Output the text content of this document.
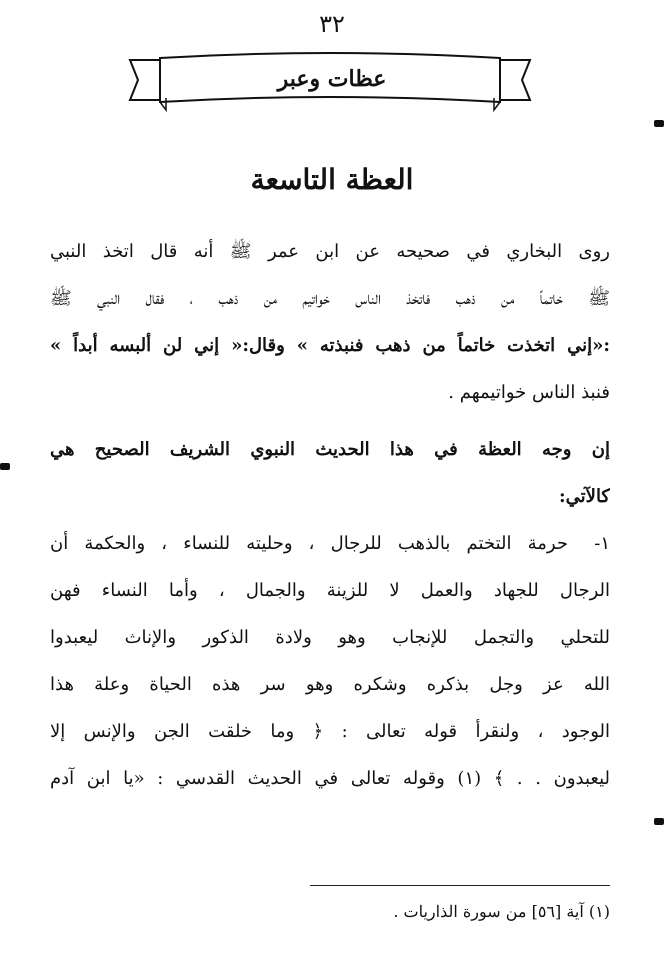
٣٢
عظات وعبر
العظة التاسعة
روى البخاري في صحيحه عن ابن عمر ﷺ أنه قال اتخذ النبي
ﷺ خاتماً من ذهب فاتخذ الناس خواتيم من ذهب ، فقال النبي ﷺ
:«إني اتخذت خاتماً من ذهب فنبذته » وقال:« إني لن ألبسه أبداً »
فنبذ الناس خواتيمهم .
إن وجه العظة في هذا الحديث النبوي الشريف الصحيح هي
كالآتي:
١-
حرمة التختم بالذهب للرجال ، وحليته للنساء ، والحكمة أن
الرجال للجهاد والعمل لا للزينة والجمال ، وأما النساء فهن
للتحلي والتجمل للإنجاب وهو ولادة الذكور والإناث ليعبدوا
الله عز وجل بذكره وشكره وهو سر هذه الحياة وعلة هذا
الوجود ، ولنقرأ قوله تعالى : ﴿ وما خلقت الجن والإنس إلا
ليعبدون . . ﴾ (١) وقوله تعالى في الحديث القدسي : «يا ابن آدم
(١) آية [٥٦] من سورة الذاريات .
